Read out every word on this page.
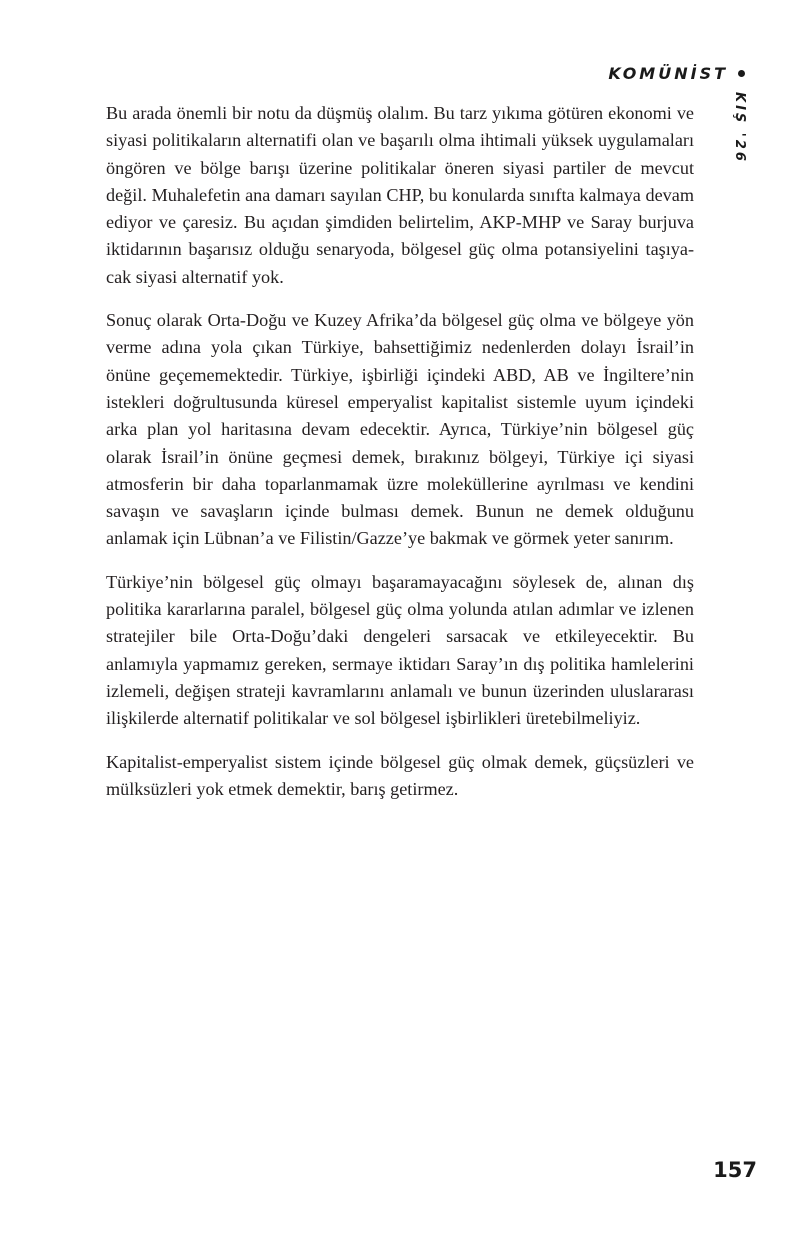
KOMÜNİST
KIŞ '26

Bu arada önemli bir notu da düşmüş olalım. Bu tarz yıkıma götüren ekonomi ve siyasi politikaların alternatifi olan ve başarılı olma ihtimali yüksek uygulamaları öngören ve bölge barışı üzerine politikalar öneren siyasi partiler de mevcut değil. Muhalefetin ana damarı sayılan CHP, bu konularda sınıfta kalmaya devam ediyor ve çaresiz. Bu açıdan şimdiden belirtelim, AKP-MHP ve Saray burjuva iktidarının başarısız olduğu senaryoda, bölgesel güç olma potansiyelini taşıyacak siyasi alternatif yok.

Sonuç olarak Orta-Doğu ve Kuzey Afrika’da bölgesel güç olma ve bölgeye yön verme adına yola çıkan Türkiye, bahsettiğimiz nedenlerden dolayı İsrail’in önüne geçememektedir. Türkiye, işbirliği içindeki ABD, AB ve İngiltere’nin istekleri doğrultusunda küresel emperyalist kapitalist sistemle uyum içindeki arka plan yol haritasına devam edecektir. Ayrıca, Türkiye’nin bölgesel güç olarak İsrail’in önüne geçmesi demek, bırakınız bölgeyi, Türkiye içi siyasi atmosferin bir daha toparlanmamak üzre moleküllerine ayrılması ve kendini savaşın ve savaşların içinde bulması demek. Bunun ne demek olduğunu anlamak için Lübnan’a ve Filistin/Gazze’ye bakmak ve görmek yeter sanırım.

Türkiye’nin bölgesel güç olmayı başaramayacağını söylesek de, alınan dış politika kararlarına paralel, bölgesel güç olma yolunda atılan adımlar ve izlenen stratejiler bile Orta-Doğu’daki dengeleri sarsacak ve etkileyecektir. Bu anlamıyla yapmamız gereken, sermaye iktidarı Saray’ın dış politika hamlelerini izlemeli, değişen strateji kavramlarını anlamalı ve bunun üzerinden uluslararası ilişkilerde alternatif politikalar ve sol bölgesel işbirlikleri üretebilmeliyiz.

Kapitalist-emperyalist sistem içinde bölgesel güç olmak demek, güçsüzleri ve mülksüzleri yok etmek demektir, barış getirmez.

157
